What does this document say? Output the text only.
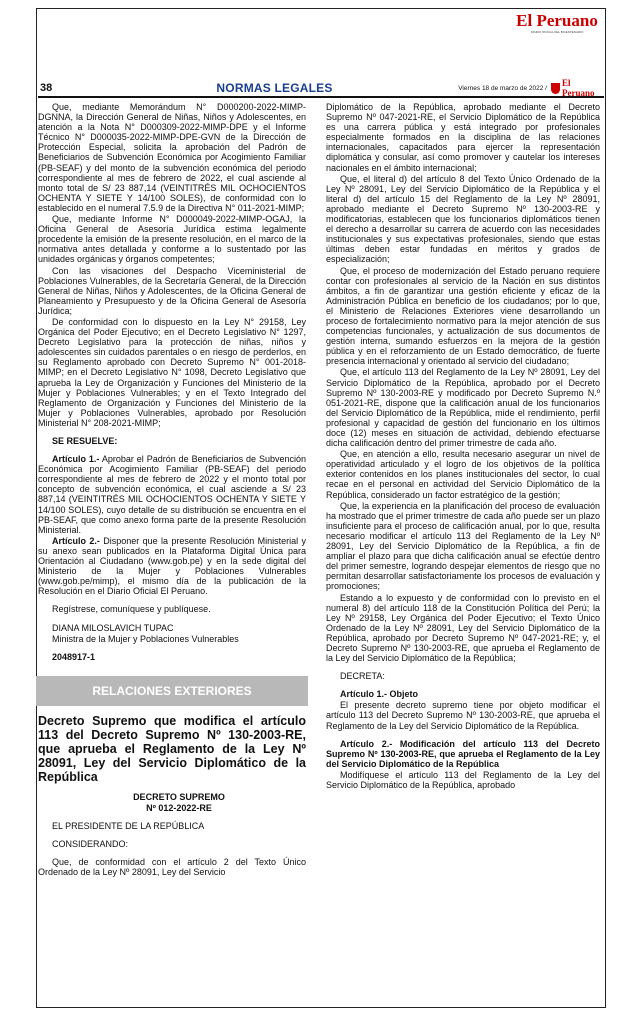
El Peruano
DIARIO OFICIAL DEL BICENTENARIO
38	NORMAS LEGALES	Viernes 18 de marzo de 2022 /	El Peruano

Que, mediante Memorándum N° D000200-2022-MIMP-DGNNA, la Dirección General de Niñas, Niños y Adolescentes, en atención a la Nota N° D000309-2022-MIMP-DPE y el Informe Técnico N° D000035-2022-MIMP-DPE-GVN de la Dirección de Protección Especial, solicita la aprobación del Padrón de Beneficiarios de Subvención Económica por Acogimiento Familiar (PB-SEAF) y del monto de la subvención económica del periodo correspondiente al mes de febrero de 2022, el cual asciende al monto total de S/ 23 887,14 (VEINTITRÉS MIL OCHOCIENTOS OCHENTA Y SIETE Y 14/100 SOLES), de conformidad con lo establecido en el numeral 7.5.9 de la Directiva N° 011-2021-MIMP;

Que, mediante Informe N° D000049-2022-MIMP-OGAJ, la Oficina General de Asesoría Jurídica estima legalmente procedente la emisión de la presente resolución, en el marco de la normativa antes detallada y conforme a lo sustentado por las unidades orgánicas y órganos competentes;

Con las visaciones del Despacho Viceministerial de Poblaciones Vulnerables, de la Secretaría General, de la Dirección General de Niñas, Niños y Adolescentes, de la Oficina General de Planeamiento y Presupuesto y de la Oficina General de Asesoría Jurídica;

De conformidad con lo dispuesto en la Ley N° 29158, Ley Orgánica del Poder Ejecutivo; en el Decreto Legislativo N° 1297, Decreto Legislativo para la protección de niñas, niños y adolescentes sin cuidados parentales o en riesgo de perderlos, en su Reglamento aprobado con Decreto Supremo N° 001-2018-MIMP; en el Decreto Legislativo N° 1098, Decreto Legislativo que aprueba la Ley de Organización y Funciones del Ministerio de la Mujer y Poblaciones Vulnerables; y en el Texto Integrado del Reglamento de Organización y Funciones del Ministerio de la Mujer y Poblaciones Vulnerables, aprobado por Resolución Ministerial N° 208-2021-MIMP;

SE RESUELVE:

Artículo 1.- Aprobar el Padrón de Beneficiarios de Subvención Económica por Acogimiento Familiar (PB-SEAF) del periodo correspondiente al mes de febrero de 2022 y el monto total por concepto de subvención económica, el cual asciende a S/ 23 887,14 (VEINTITRÉS MIL OCHOCIENTOS OCHENTA Y SIETE Y 14/100 SOLES), cuyo detalle de su distribución se encuentra en el PB-SEAF, que como anexo forma parte de la presente Resolución Ministerial.

Artículo 2.- Disponer que la presente Resolución Ministerial y su anexo sean publicados en la Plataforma Digital Única para Orientación al Ciudadano (www.gob.pe) y en la sede digital del Ministerio de la Mujer y Poblaciones Vulnerables (www.gob.pe/mimp), el mismo día de la publicación de la Resolución en el Diario Oficial El Peruano.

Regístrese, comuníquese y publíquese.

DIANA MILOSLAVICH TUPAC

Ministra de la Mujer y Poblaciones Vulnerables

2048917-1

RELACIONES EXTERIORES
Decreto Supremo que modifica el artículo 113 del Decreto Supremo Nº 130-2003-RE, que aprueba el Reglamento de la Ley Nº 28091, Ley del Servicio Diplomático de la República

DECRETO SUPREMO

Nº 012-2022-RE

EL PRESIDENTE DE LA REPÚBLICA

CONSIDERANDO:

Que, de conformidad con el artículo 2 del Texto Único Ordenado de la Ley Nº 28091, Ley del Servicio

Diplomático de la República, aprobado mediante el Decreto Supremo Nº 047-2021-RE, el Servicio Diplomático de la República es una carrera pública y está integrado por profesionales especialmente formados en la disciplina de las relaciones internacionales, capacitados para ejercer la representación diplomática y consular, así como promover y cautelar los intereses nacionales en el ámbito internacional;

Que, el literal d) del artículo 8 del Texto Único Ordenado de la Ley Nº 28091, Ley del Servicio Diplomático de la República y el literal d) del artículo 15 del Reglamento de la Ley Nº 28091, aprobado mediante el Decreto Supremo Nº 130-2003-RE y modificatorias, establecen que los funcionarios diplomáticos tienen el derecho a desarrollar su carrera de acuerdo con las necesidades institucionales y sus expectativas profesionales, siendo que estas últimas deben estar fundadas en méritos y grados de especialización;

Que, el proceso de modernización del Estado peruano requiere contar con profesionales al servicio de la Nación en sus distintos ámbitos, a fin de garantizar una gestión eficiente y eficaz de la Administración Pública en beneficio de los ciudadanos; por lo que, el Ministerio de Relaciones Exteriores viene desarrollando un proceso de fortalecimiento normativo para la mejor atención de sus competencias funcionales, y actualización de sus documentos de gestión interna, sumando esfuerzos en la mejora de la gestión pública y en el reforzamiento de un Estado democrático, de fuerte presencia internacional y orientado al servicio del ciudadano;

Que, el artículo 113 del Reglamento de la Ley Nº 28091, Ley del Servicio Diplomático de la República, aprobado por el Decreto Supremo Nº 130-2003-RE y modificado por Decreto Supremo N.º 051-2021-RE, dispone que la calificación anual de los funcionarios del Servicio Diplomático de la República, mide el rendimiento, perfil profesional y capacidad de gestión del funcionario en los últimos doce (12) meses en situación de actividad, debiendo efectuarse dicha calificación dentro del primer trimestre de cada año.

Que, en atención a ello, resulta necesario asegurar un nivel de operatividad articulado y el logro de los objetivos de la política exterior contenidos en los planes institucionales del sector, lo cual recae en el personal en actividad del Servicio Diplomático de la República, considerado un factor estratégico de la gestión;

Que, la experiencia en la planificación del proceso de evaluación ha mostrado que el primer trimestre de cada año puede ser un plazo insuficiente para el proceso de calificación anual, por lo que, resulta necesario modificar el artículo 113 del Reglamento de la Ley Nº 28091, Ley del Servicio Diplomático de la República, a fin de ampliar el plazo para que dicha calificación anual se efectúe dentro del primer semestre, logrando despejar elementos de riesgo que no permitan desarrollar satisfactoriamente los procesos de evaluación y promociones;

Estando a lo expuesto y de conformidad con lo previsto en el numeral 8) del artículo 118 de la Constitución Política del Perú; la Ley Nº 29158, Ley Orgánica del Poder Ejecutivo; el Texto Único Ordenado de la Ley Nº 28091, Ley del Servicio Diplomático de la República, aprobado por Decreto Supremo Nº 047-2021-RE; y, el Decreto Supremo Nº 130-2003-RE, que aprueba el Reglamento de la Ley del Servicio Diplomático de la República;

DECRETA:

Artículo 1.- Objeto

El presente decreto supremo tiene por objeto modificar el artículo 113 del Decreto Supremo Nº 130-2003-RE, que aprueba el Reglamento de la Ley del Servicio Diplomático de la República.

Artículo 2.- Modificación del artículo 113 del Decreto Supremo Nº 130-2003-RE, que aprueba el Reglamento de la Ley del Servicio Diplomático de la República

Modifíquese el artículo 113 del Reglamento de la Ley del Servicio Diplomático de la República, aprobado
